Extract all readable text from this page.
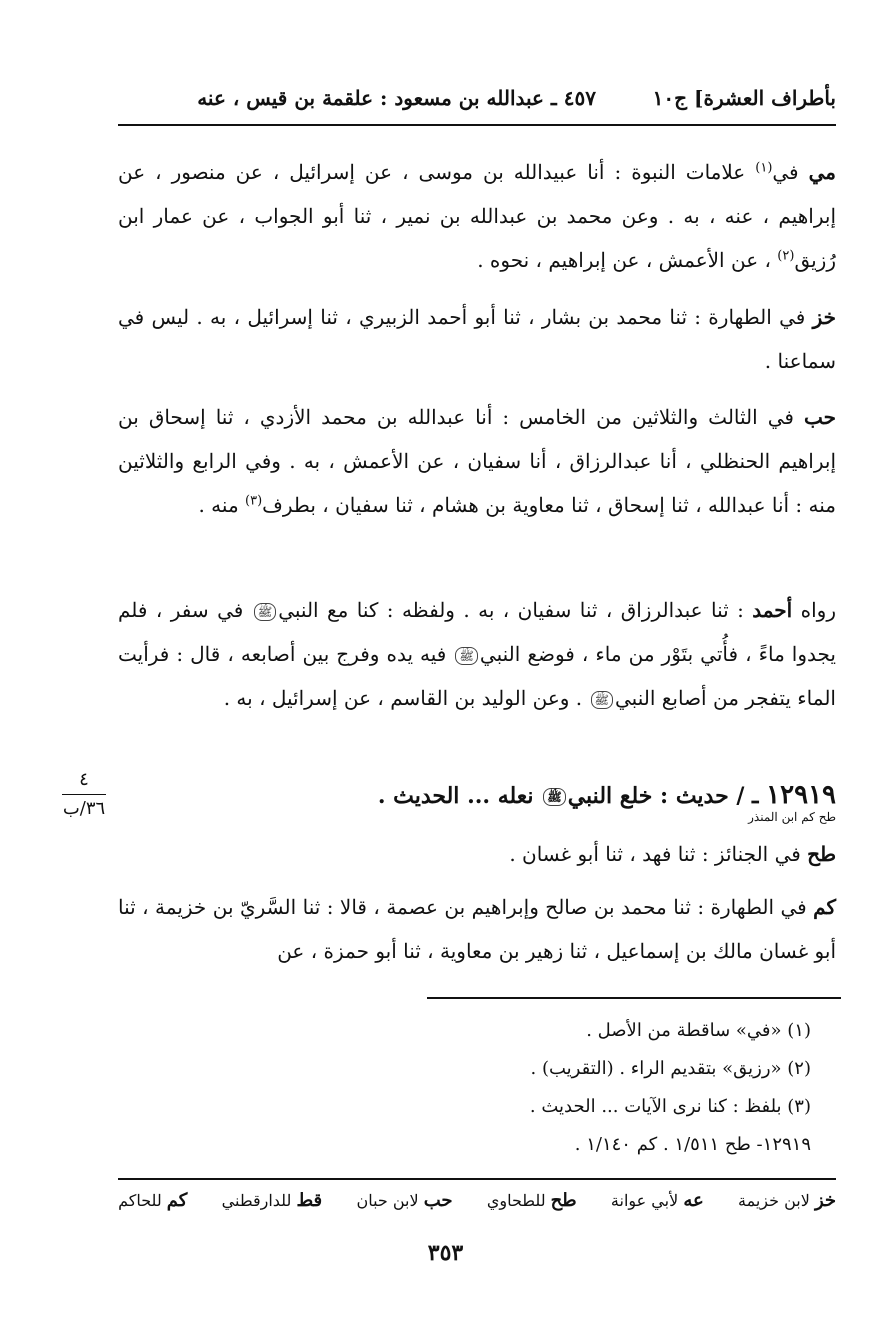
بأطراف العشرة] ج١٠
٤٥٧ ـ عبدالله بن مسعود : علقمة بن قيس ، عنه
مي في$^{(١)}$ علامات النبوة : أنا عبيدالله بن موسى ، عن إسرائيل ، عن منصور ، عن إبراهيم ، عنه ، به . وعن محمد بن عبدالله بن نمير ، ثنا أبو الجواب ، عن عمار ابن رُزيق$^{(٢)}$ ، عن الأعمش ، عن إبراهيم ، نحوه .
خز في الطهارة : ثنا محمد بن بشار ، ثنا أبو أحمد الزبيري ، ثنا إسرائيل ، به . ليس في سماعنا .
حب في الثالث والثلاثين من الخامس : أنا عبدالله بن محمد الأزدي ، ثنا إسحاق بن إبراهيم الحنظلي ، أنا عبدالرزاق ، أنا سفيان ، عن الأعمش ، به . وفي الرابع والثلاثين منه : أنا عبدالله ، ثنا إسحاق ، ثنا معاوية بن هشام ، ثنا سفيان ، بطرف$^{(٣)}$ منه .
رواه أحمد : ثنا عبدالرزاق ، ثنا سفيان ، به . ولفظه : كنا مع النبيﷺ في سفر ، فلم يجدوا ماءً ، فأُتي بتَوْر من ماء ، فوضع النبيﷺ فيه يده وفرج بين أصابعه ، قال : فرأيت الماء يتفجر من أصابع النبيﷺ . وعن الوليد بن القاسم ، عن إسرائيل ، به .
٤
٣٦/ب	١٢٩١٩ ـ / حديث : خلع النبيﷺ نعله ... الحديث .
طح كم ابن المنذر
طح في الجنائز : ثنا فهد ، ثنا أبو غسان .
كم في الطهارة : ثنا محمد بن صالح وإبراهيم بن عصمة ، قالا : ثنا السَّريّ بن خزيمة ، ثنا أبو غسان مالك بن إسماعيل ، ثنا زهير بن معاوية ، ثنا أبو حمزة ، عن
(١) «في» ساقطة من الأصل .
(٢) «رزيق» بتقديم الراء . (التقريب) .
(٣) بلفظ : كنا نرى الآيات ... الحديث .
١٢٩١٩- طح ١/٥١١ . كم ١/١٤٠ .
خز لابن خزيمة
عه لأبي عوانة
طح للطحاوي
حب لابن حبان
قط للدارقطني
كم للحاكم
٣٥٣
